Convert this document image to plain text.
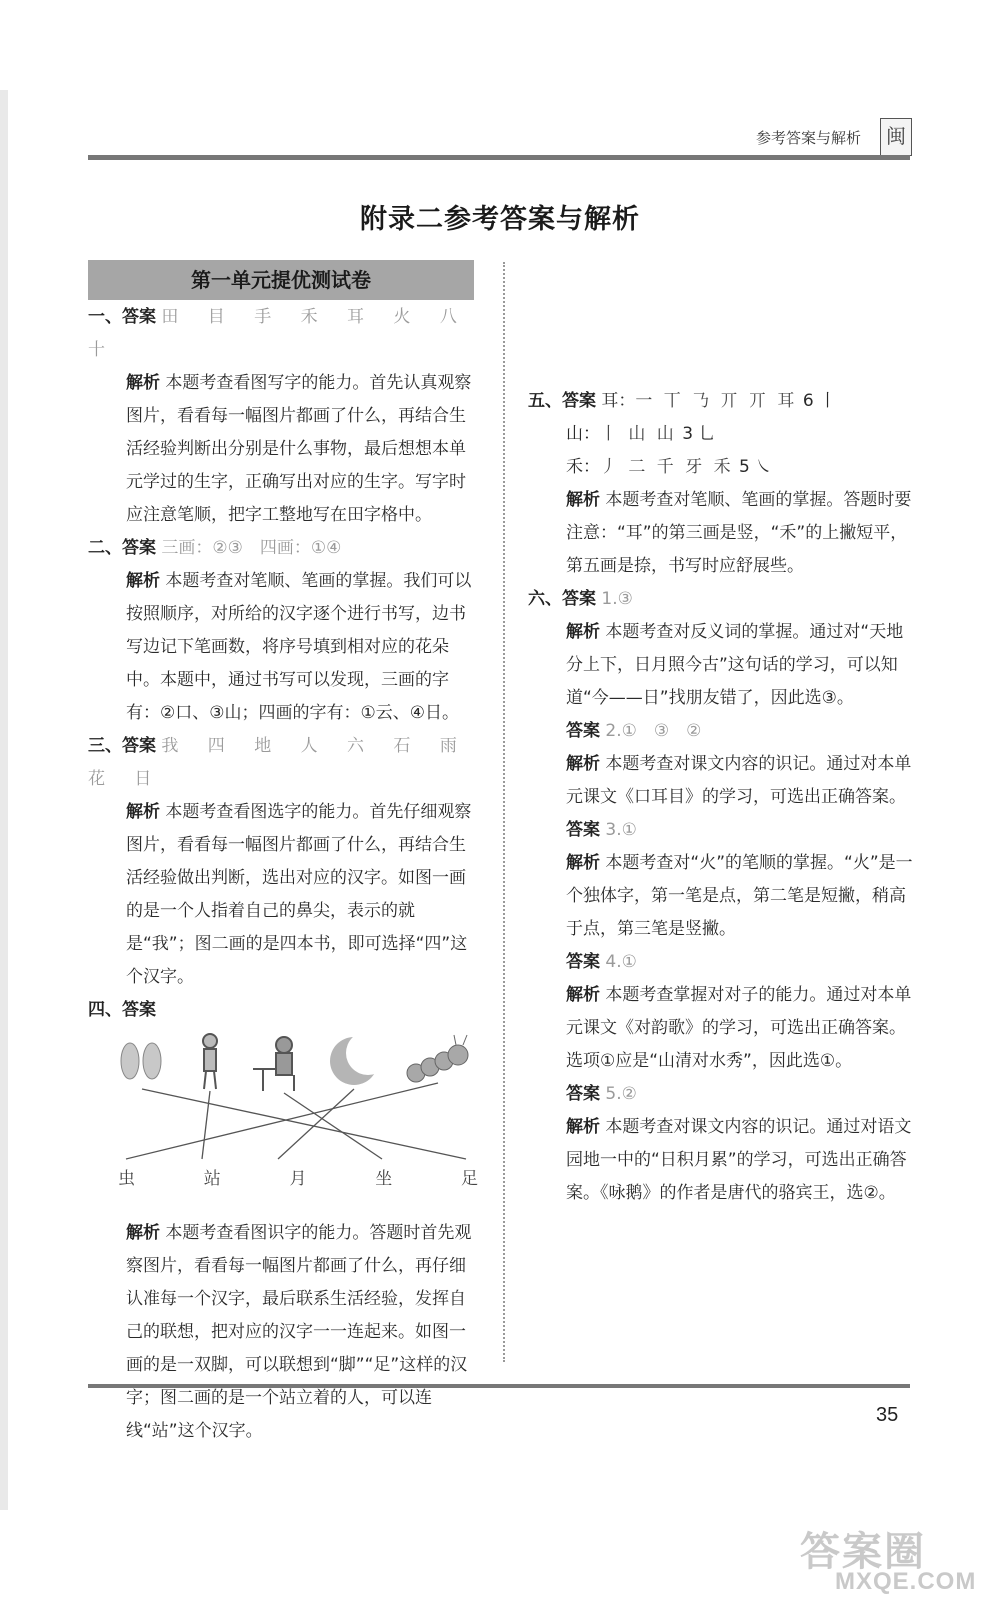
参考答案与解析	闽
附录二参考答案与解析
第一单元提优测试卷
一、答案 田 目 手 禾 耳 火 八 十
解析 本题考查看图写字的能力。首先认真观察图片，看看每一幅图片都画了什么，再结合生活经验判断出分别是什么事物，最后想想本单元学过的生字，正确写出对应的生字。写字时应注意笔顺，把字工整地写在田字格中。
二、答案 三画：②③　四画：①④
解析 本题考查对笔顺、笔画的掌握。我们可以按照顺序，对所给的汉字逐个进行书写，边书写边记下笔画数，将序号填到相对应的花朵中。本题中，通过书写可以发现，三画的字有：②口、③山；四画的字有：①云、④日。
三、答案 我 四 地 人 六 石 雨 花 日
解析 本题考查看图选字的能力。首先仔细观察图片，看看每一幅图片都画了什么，再结合生活经验做出判断，选出对应的汉字。如图一画的是一个人指着自己的鼻尖，表示的就是“我”；图二画的是四本书，即可选择“四”这个汉字。
四、答案
虫	站	月	坐	足
解析 本题考查看图识字的能力。答题时首先观察图片，看看每一幅图片都画了什么，再仔细认准每一个汉字，最后联系生活经验，发挥自己的联想，把对应的汉字一一连起来。如图一画的是一双脚，可以联想到“脚”“足”这样的汉字；图二画的是一个站立着的人，可以连线“站”这个汉字。
五、答案 耳：一 丅 𠄎 丌 丌 耳 6 丨
山：丨 山 山 3 乚
禾：丿 二 千 牙 禾 5 ㇏
解析 本题考查对笔顺、笔画的掌握。答题时要注意：“耳”的第三画是竖，“禾”的上撇短平，第五画是捺，书写时应舒展些。
六、答案 1.③
解析 本题考查对反义词的掌握。通过对“天地分上下，日月照今古”这句话的学习，可以知道“今——日”找朋友错了，因此选③。
答案 2.①　③　②
解析 本题考查对课文内容的识记。通过对本单元课文《口耳目》的学习，可选出正确答案。
答案 3.①
解析 本题考查对“火”的笔顺的掌握。“火”是一个独体字，第一笔是点，第二笔是短撇，稍高于点，第三笔是竖撇。
答案 4.①
解析 本题考查掌握对对子的能力。通过对本单元课文《对韵歌》的学习，可选出正确答案。选项①应是“山清对水秀”，因此选①。
答案 5.②
解析 本题考查对课文内容的识记。通过对语文园地一中的“日积月累”的学习，可选出正确答案。《咏鹅》的作者是唐代的骆宾王，选②。
35
答案圈
MXQE.COM
